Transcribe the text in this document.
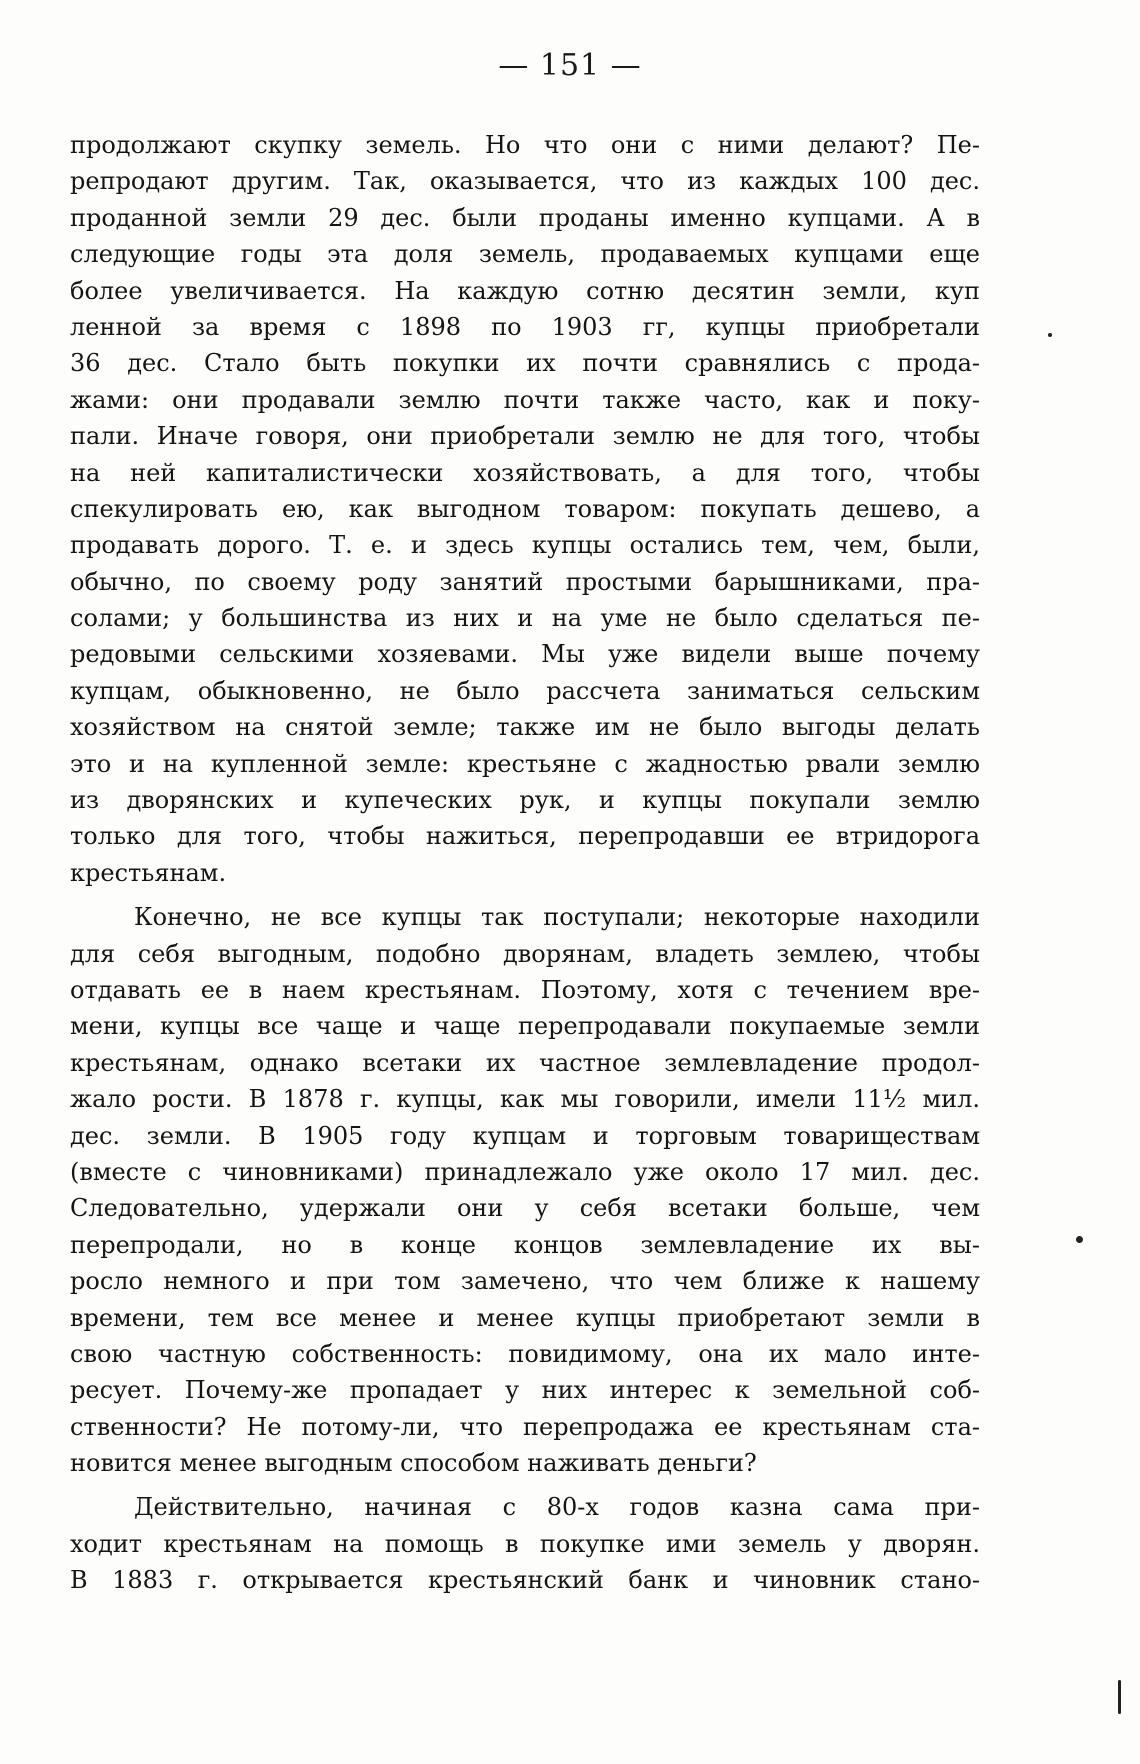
— 151 —
продолжают скупку земель. Но что они с ними делают? Пе-
репродают другим. Так, оказывается, что из каждых 100 дес.
проданной земли 29 дес. были проданы именно купцами. А в
следующие годы эта доля земель, продаваемых купцами еще
более увеличивается. На каждую сотню десятин земли, куп
ленной за время с 1898 по 1903 гг, купцы приобретали
36 дес. Стало быть покупки их почти сравнялись с прода-
жами: они продавали землю почти также часто, как и поку-
пали. Иначе говоря, они приобретали землю не для того, чтобы
на ней капиталистически хозяйствовать, а для того, чтобы
спекулировать ею, как выгодном товаром: покупать дешево, а
продавать дорого. Т. е. и здесь купцы остались тем, чем, были,
обычно, по своему роду занятий простыми барышниками, пра-
солами; у большинства из них и на уме не было сделаться пе-
редовыми сельскими хозяевами. Мы уже видели выше почему
купцам, обыкновенно, не было рассчета заниматься сельским
хозяйством на снятой земле; также им не было выгоды делать
это и на купленной земле: крестьяне с жадностью рвали землю
из дворянских и купеческих рук, и купцы покупали землю
только для того, чтобы нажиться, перепродавши ее втридорога
крестьянам.
Конечно, не все купцы так поступали; некоторые находили
для себя выгодным, подобно дворянам, владеть землею, чтобы
отдавать ее в наем крестьянам. Поэтому, хотя с течением вре-
мени, купцы все чаще и чаще перепродавали покупаемые земли
крестьянам, однако всетаки их частное землевладение продол-
жало рости. В 1878 г. купцы, как мы говорили, имели 11½ мил.
дес. земли. В 1905 году купцам и торговым товариществам
(вместе с чиновниками) принадлежало уже около 17 мил. дес.
Следовательно, удержали они у себя всетаки больше, чем
перепродали, но в конце концов землевладение их вы-
росло немного и при том замечено, что чем ближе к нашему
времени, тем все менее и менее купцы приобретают земли в
свою частную собственность: повидимому, она их мало инте-
ресует. Почему-же пропадает у них интерес к земельной соб-
ственности? Не потому-ли, что перепродажа ее крестьянам ста-
новится менее выгодным способом наживать деньги?
Действительно, начиная с 80-х годов казна сама при-
ходит крестьянам на помощь в покупке ими земель у дворян.
В 1883 г. открывается крестьянский банк и чиновник стано-
